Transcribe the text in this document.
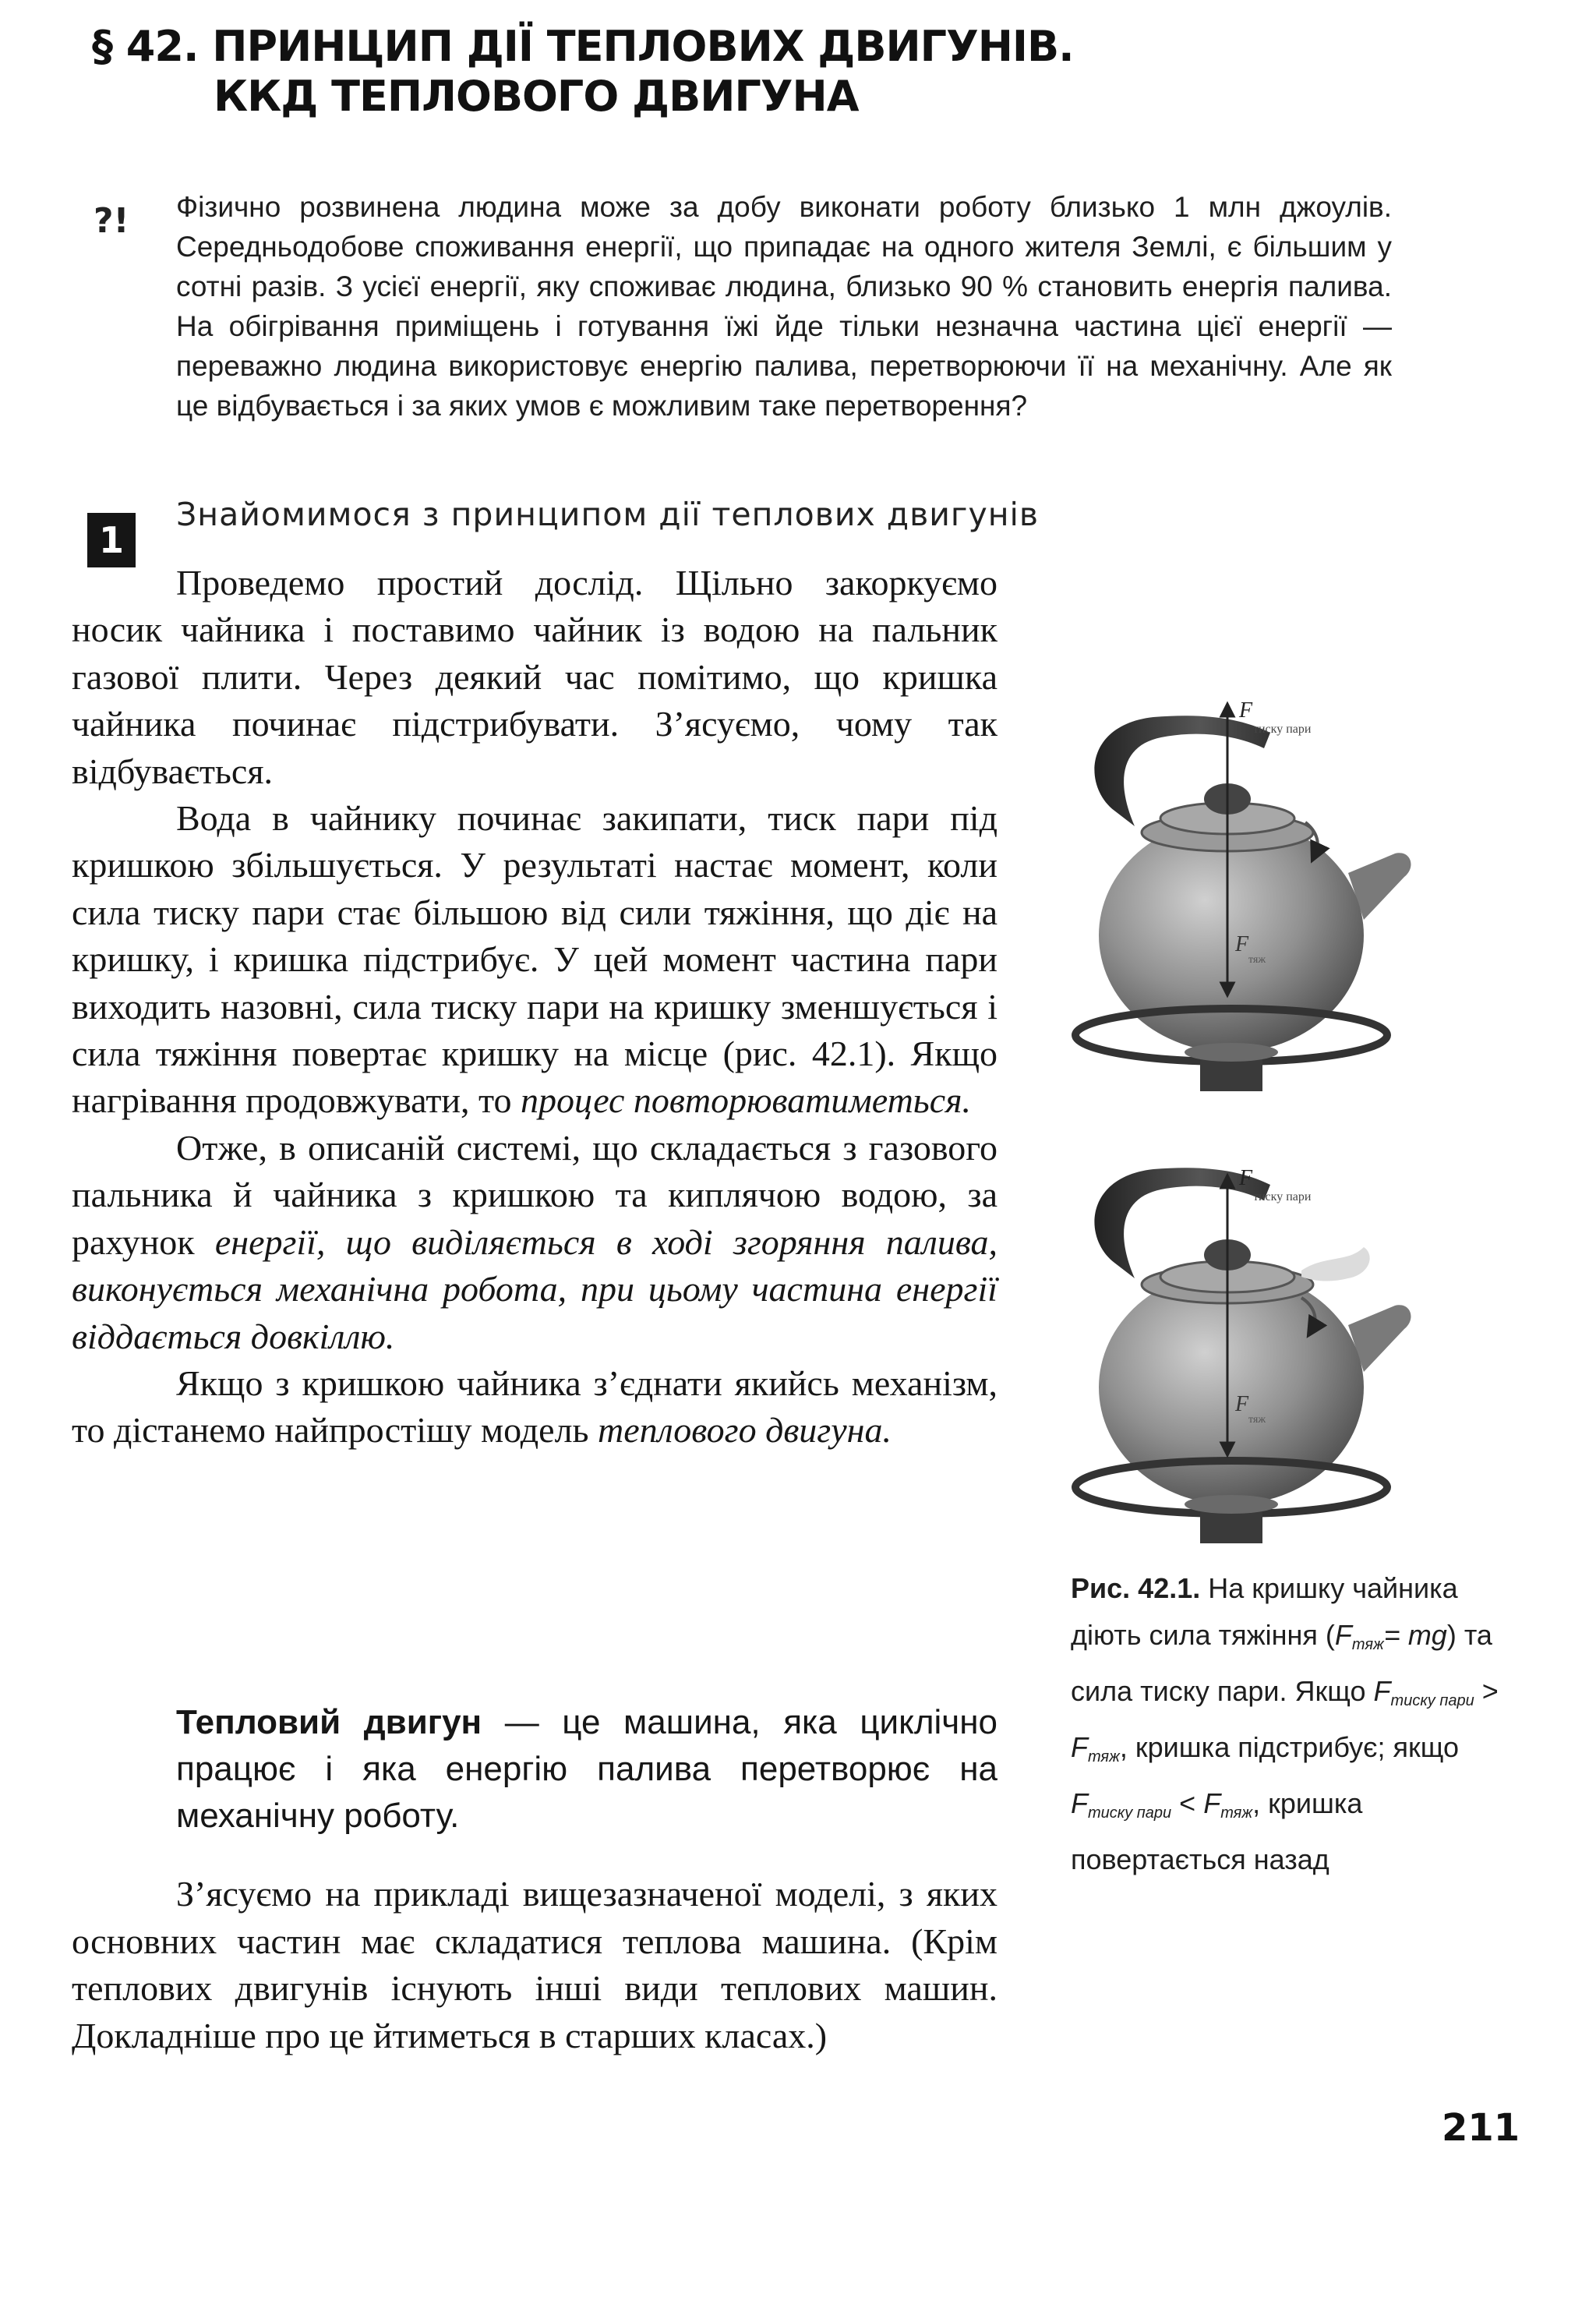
§ 42. ПРИНЦИП ДІЇ ТЕПЛОВИХ ДВИГУНІВ.
ККД ТЕПЛОВОГО ДВИГУНА
?! Фізично розвинена людина може за добу виконати роботу близько 1 млн джоулів. Середньодобове споживання енергії, що припадає на одного жителя Землі, є більшим у сотні разів. З усієї енергії, яку споживає людина, близько 90 % становить енергія палива. На обігрівання приміщень і готування їжі йде тільки незначна частина цієї енергії — переважно людина використовує енергію палива, перетворюючи її на механічну. Але як це відбувається і за яких умов є можливим таке перетворення?

1
Знайомимося з принципом дії теплових двигунів

Проведемо простий дослід. Щільно закоркуємо носик чайника і поставимо чайник із водою на пальник газової плити. Через деякий час помітимо, що кришка чайника починає підстрибувати. З’ясуємо, чому так відбувається.

Вода в чайнику починає закипати, тиск пари під кришкою збільшується. У результаті настає момент, коли сила тиску пари стає більшою від сили тяжіння, що діє на кришку, і кришка підстрибує. У цей момент частина пари виходить назовні, сила тиску пари на кришку зменшується і сила тяжіння повертає кришку на місце (рис. 42.1). Якщо нагрівання продовжувати, то процес повторюватиметься.

Отже, в описаній системі, що складається з газового пальника й чайника з кришкою та киплячою водою, за рахунок енергії, що виділяється в ході згоряння палива, виконується механічна робота, при цьому частина енергії віддається довкіллю.

Якщо з кришкою чайника з’єднати якийсь механізм, то дістанемо найпростішу модель теплового двигуна.

Тепловий двигун — це машина, яка циклічно працює і яка енергію палива перетворює на механічну роботу.

З’ясуємо на прикладі вищезазначеної моделі, з яких основних частин має складатися теплова машина. (Крім теплових двигунів існують інші види теплових машин. Докладніше про це йтиметься в старших класах.)

F
тиску пари
F
тяж
F
тиску пари
F
тяж

Рис. 42.1. На кришку чайника діють сила тяжіння $(F_{тяж}= mg)$ та сила тиску пари. Якщо $F_{тиску пари} > F_{тяж}$, кришка підстрибує; якщо $F_{тиску пари} < F_{тяж}$, кришка повертається назад

211
